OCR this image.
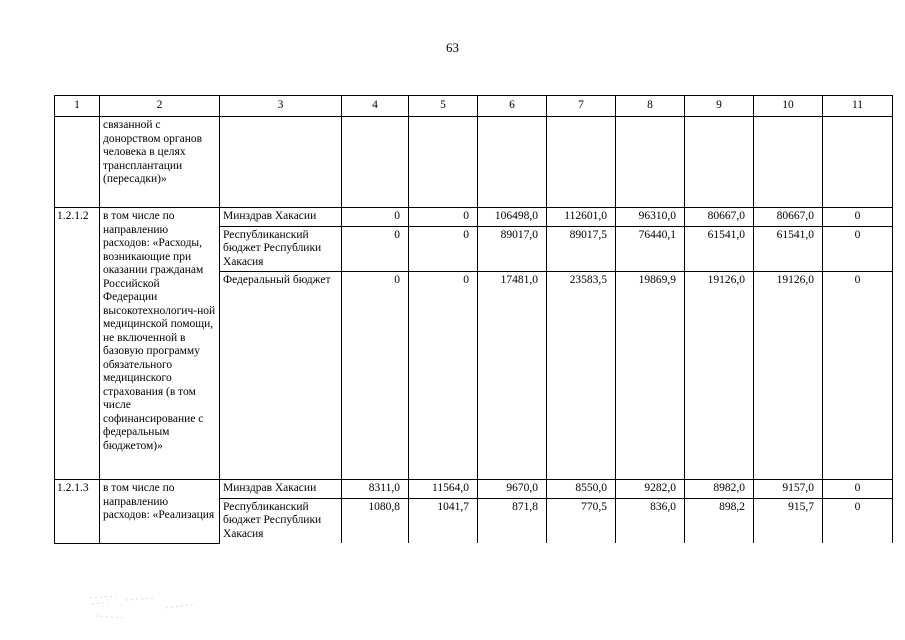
63
1	2	3	4	5	6	7	8	9	10	11
	связанной с донорством органов человека в целях трансплантации (пересадки)»									
1.2.1.2	в том числе по направлению расходов: «Расходы, возникающие при оказании гражданам Российской Федерации высокотехнологич-ной медицинской помощи, не включенной в базовую программу обязательного медицинского страхования (в том числе софинансирование с федеральным бюджетом)»	Минздрав Хакасии	0	0	106498,0	112601,0	96310,0	80667,0	80667,0	0
		Республиканский бюджет Республики Хакасия	0	0	89017,0	89017,5	76440,1	61541,0	61541,0	0
		Федеральный бюджет	0	0	17481,0	23583,5	19869,9	19126,0	19126,0	0
1.2.1.3	в том числе по направлению расходов: «Реализация	Минздрав Хакасии	8311,0	11564,0	9670,0	8550,0	9282,0	8982,0	9157,0	0
		Республиканский бюджет Республики Хакасия	1080,8	1041,7	871,8	770,5	836,0	898,2	915,7	0
